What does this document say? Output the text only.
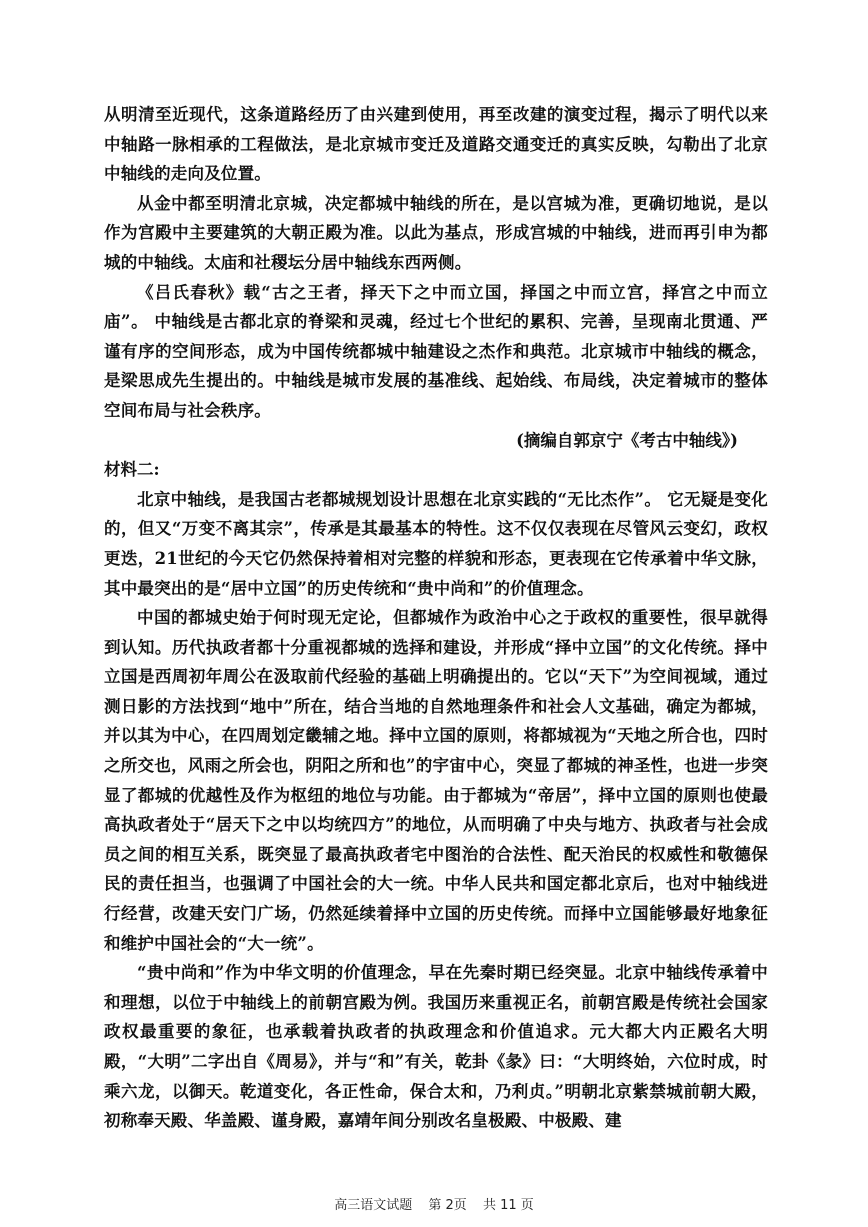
从明清至近现代，这条道路经历了由兴建到使用，再至改建的演变过程，揭示了明代以来中轴路一脉相承的工程做法，是北京城市变迁及道路交通变迁的真实反映，勾勒出了北京中轴线的走向及位置。

从金中都至明清北京城，决定都城中轴线的所在，是以宫城为准，更确切地说，是以作为宫殿中主要建筑的大朝正殿为准。以此为基点，形成宫城的中轴线，进而再引申为都城的中轴线。太庙和社稷坛分居中轴线东西两侧。

《吕氏春秋》载“古之王者，择天下之中而立国，择国之中而立宫，择宫之中而立庙”。 中轴线是古都北京的脊梁和灵魂，经过七个世纪的累积、完善，呈现南北贯通、严谨有序的空间形态，成为中国传统都城中轴建设之杰作和典范。北京城市中轴线的概念，是梁思成先生提出的。中轴线是城市发展的基准线、起始线、布局线，决定着城市的整体空间布局与社会秩序。

(摘编自郭京宁《考古中轴线》)

材料二:

北京中轴线，是我国古老都城规划设计思想在北京实践的“无比杰作”。 它无疑是变化的，但又“万变不离其宗”，传承是其最基本的特性。这不仅仅表现在尽管风云变幻，政权更迭，21世纪的今天它仍然保持着相对完整的样貌和形态，更表现在它传承着中华文脉，其中最突出的是“居中立国”的历史传统和“贵中尚和”的价值理念。

中国的都城史始于何时现无定论，但都城作为政治中心之于政权的重要性，很早就得到认知。历代执政者都十分重视都城的选择和建设，并形成“择中立国”的文化传统。择中立国是西周初年周公在汲取前代经验的基础上明确提出的。它以“天下”为空间视域，通过测日影的方法找到“地中”所在，结合当地的自然地理条件和社会人文基础，确定为都城，并以其为中心，在四周划定畿辅之地。择中立国的原则，将都城视为“天地之所合也，四时之所交也，风雨之所会也，阴阳之所和也”的宇宙中心，突显了都城的神圣性，也进一步突显了都城的优越性及作为枢纽的地位与功能。由于都城为“帝居”，择中立国的原则也使最高执政者处于“居天下之中以均统四方”的地位，从而明确了中央与地方、执政者与社会成员之间的相互关系，既突显了最高执政者宅中图治的合法性、配天治民的权威性和敬德保民的责任担当，也强调了中国社会的大一统。中华人民共和国定都北京后，也对中轴线进行经营，改建天安门广场，仍然延续着择中立国的历史传统。而择中立国能够最好地象征和维护中国社会的“大一统”。

“贵中尚和”作为中华文明的价值理念，早在先秦时期已经突显。北京中轴线传承着中和理想，以位于中轴线上的前朝宫殿为例。我国历来重视正名，前朝宫殿是传统社会国家政权最重要的象征，也承载着执政者的执政理念和价值追求。元大都大内正殿名大明殿，“大明”二字出自《周易》，并与“和”有关，乾卦《彖》曰：“大明终始，六位时成，时乘六龙，以御天。乾道变化，各正性命，保合太和，乃利贞。”明朝北京紫禁城前朝大殿，初称奉天殿、华盖殿、谨身殿，嘉靖年间分别改名皇极殿、中极殿、建

高三语文试题 第 2页 共 11 页
